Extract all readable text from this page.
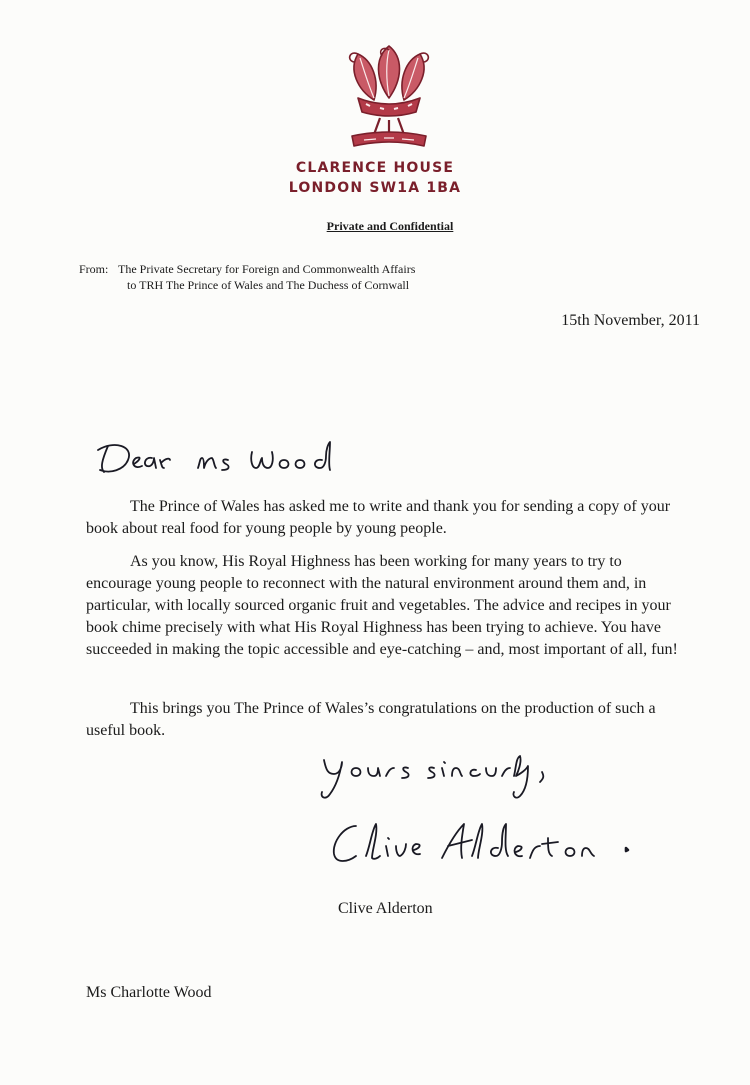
CLARENCE HOUSE
LONDON SW1A 1BA
Private and Confidential
From: The Private Secretary for Foreign and Commonwealth Affairs
to TRH The Prince of Wales and The Duchess of Cornwall
15th November, 2011
The Prince of Wales has asked me to write and thank you for sending a copy of your book about real food for young people by young people.
As you know, His Royal Highness has been working for many years to try to encourage young people to reconnect with the natural environment around them and, in particular, with locally sourced organic fruit and vegetables. The advice and recipes in your book chime precisely with what His Royal Highness has been trying to achieve. You have succeeded in making the topic accessible and eye-catching – and, most important of all, fun!
This brings you The Prince of Wales’s congratulations on the production of such a useful book.
Clive Alderton
Ms Charlotte Wood
